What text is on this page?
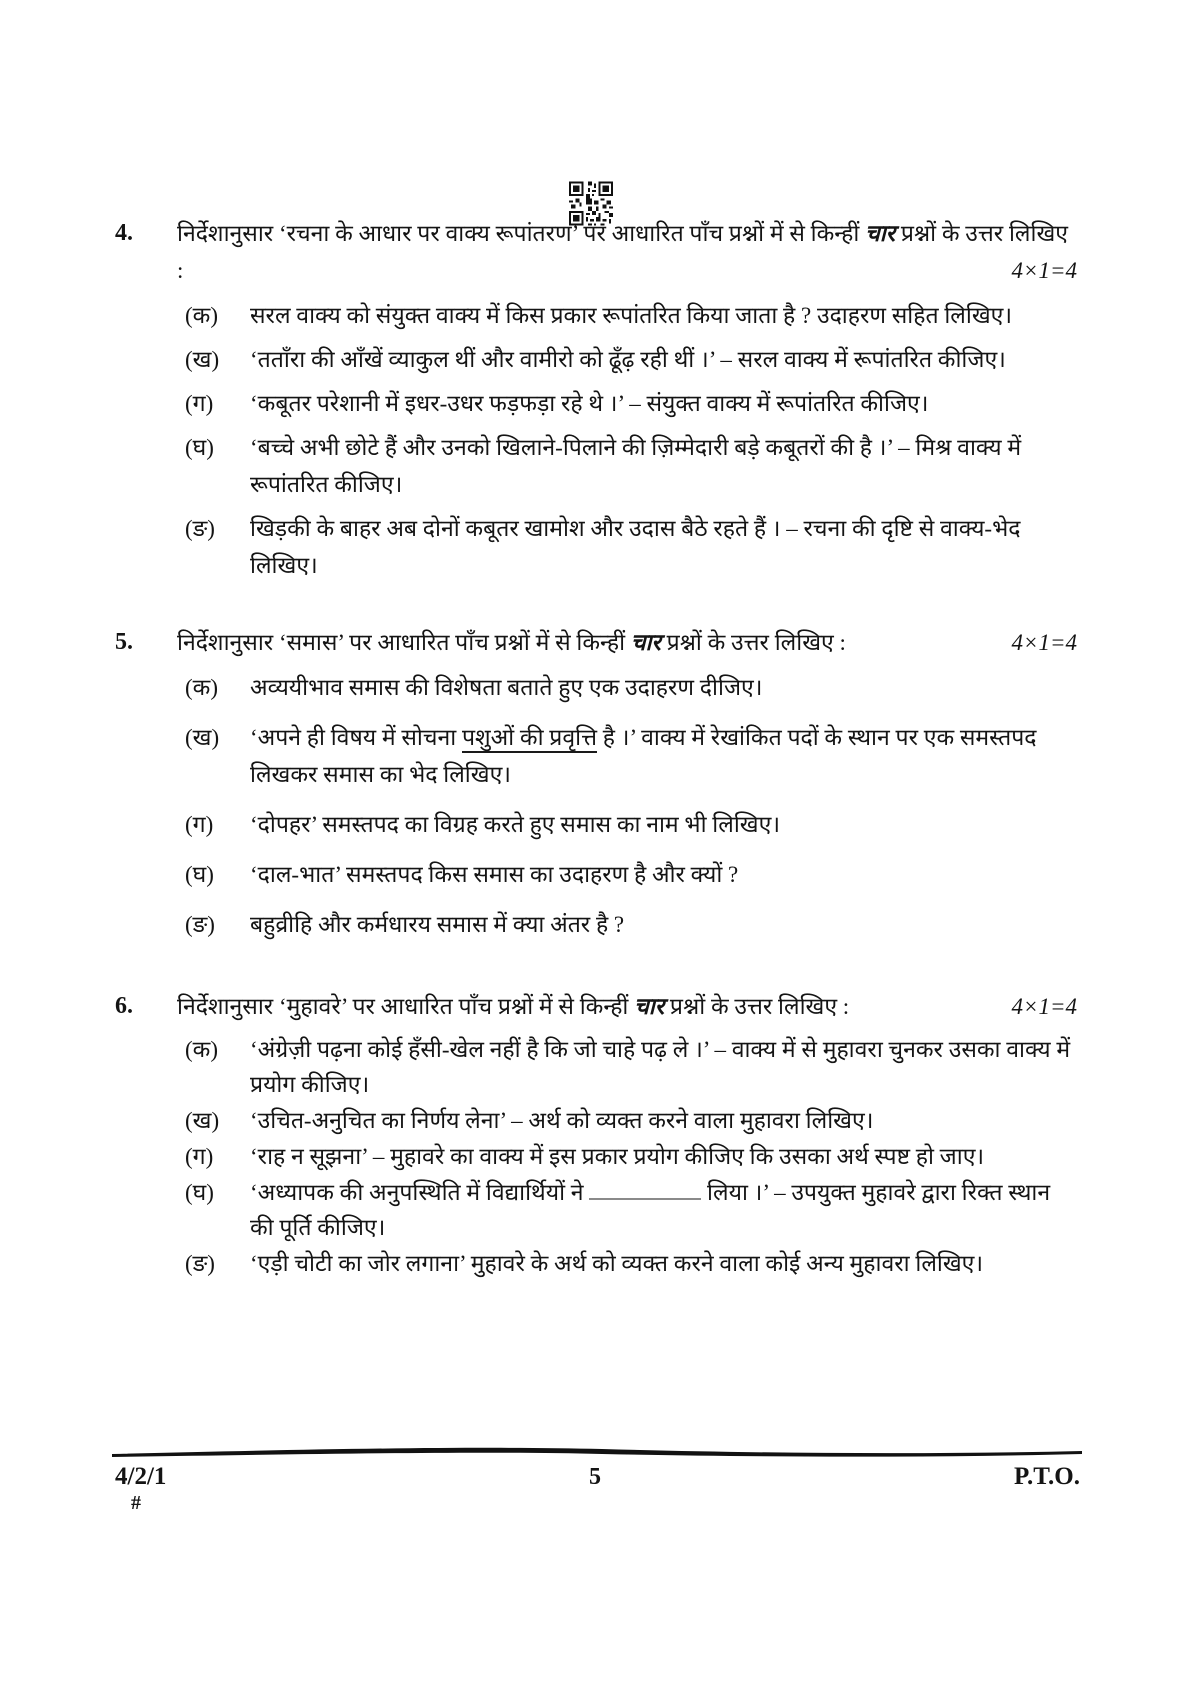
4.	निर्देशानुसार ‘रचना के आधार पर वाक्य रूपांतरण’ पर आधारित पाँच प्रश्नों में से किन्हीं चार प्रश्नों के उत्तर लिखिए :	4×1=4
(क)	सरल वाक्य को संयुक्त वाक्य में किस प्रकार रूपांतरित किया जाता है ? उदाहरण सहित लिखिए।
(ख)	‘तताँरा की आँखें व्याकुल थीं और वामीरो को ढूँढ़ रही थीं ।’ – सरल वाक्य में रूपांतरित कीजिए।
(ग)	‘कबूतर परेशानी में इधर-उधर फड़फड़ा रहे थे ।’ – संयुक्त वाक्य में रूपांतरित कीजिए।
(घ)	‘बच्चे अभी छोटे हैं और उनको खिलाने-पिलाने की ज़िम्मेदारी बड़े कबूतरों की है ।’ – मिश्र वाक्य में रूपांतरित कीजिए।
(ङ)	खिड़की के बाहर अब दोनों कबूतर खामोश और उदास बैठे रहते हैं । – रचना की दृष्टि से वाक्य-भेद लिखिए।
5.	निर्देशानुसार ‘समास’ पर आधारित पाँच प्रश्नों में से किन्हीं चार प्रश्नों के उत्तर लिखिए :	4×1=4
(क)	अव्ययीभाव समास की विशेषता बताते हुए एक उदाहरण दीजिए।
(ख)	‘अपने ही विषय में सोचना पशुओं की प्रवृत्ति है ।’ वाक्य में रेखांकित पदों के स्थान पर एक समस्तपद लिखकर समास का भेद लिखिए।
(ग)	‘दोपहर’ समस्तपद का विग्रह करते हुए समास का नाम भी लिखिए।
(घ)	‘दाल-भात’ समस्तपद किस समास का उदाहरण है और क्यों ?
(ङ)	बहुव्रीहि और कर्मधारय समास में क्या अंतर है ?
6.	निर्देशानुसार ‘मुहावरे’ पर आधारित पाँच प्रश्नों में से किन्हीं चार प्रश्नों के उत्तर लिखिए :	4×1=4
(क)	‘अंग्रेज़ी पढ़ना कोई हँसी-खेल नहीं है कि जो चाहे पढ़ ले ।’ – वाक्य में से मुहावरा चुनकर उसका वाक्य में प्रयोग कीजिए।
(ख)	‘उचित-अनुचित का निर्णय लेना’ – अर्थ को व्यक्त करने वाला मुहावरा लिखिए।
(ग)	‘राह न सूझना’ – मुहावरे का वाक्य में इस प्रकार प्रयोग कीजिए कि उसका अर्थ स्पष्ट हो जाए।
(घ)	‘अध्यापक की अनुपस्थिति में विद्यार्थियों ने	लिया ।’ – उपयुक्त मुहावरे द्वारा रिक्त स्थान की पूर्ति कीजिए।
(ङ)	‘एड़ी चोटी का जोर लगाना’ मुहावरे के अर्थ को व्यक्त करने वाला कोई अन्य मुहावरा लिखिए।
4/2/1
#
5	P.T.O.
